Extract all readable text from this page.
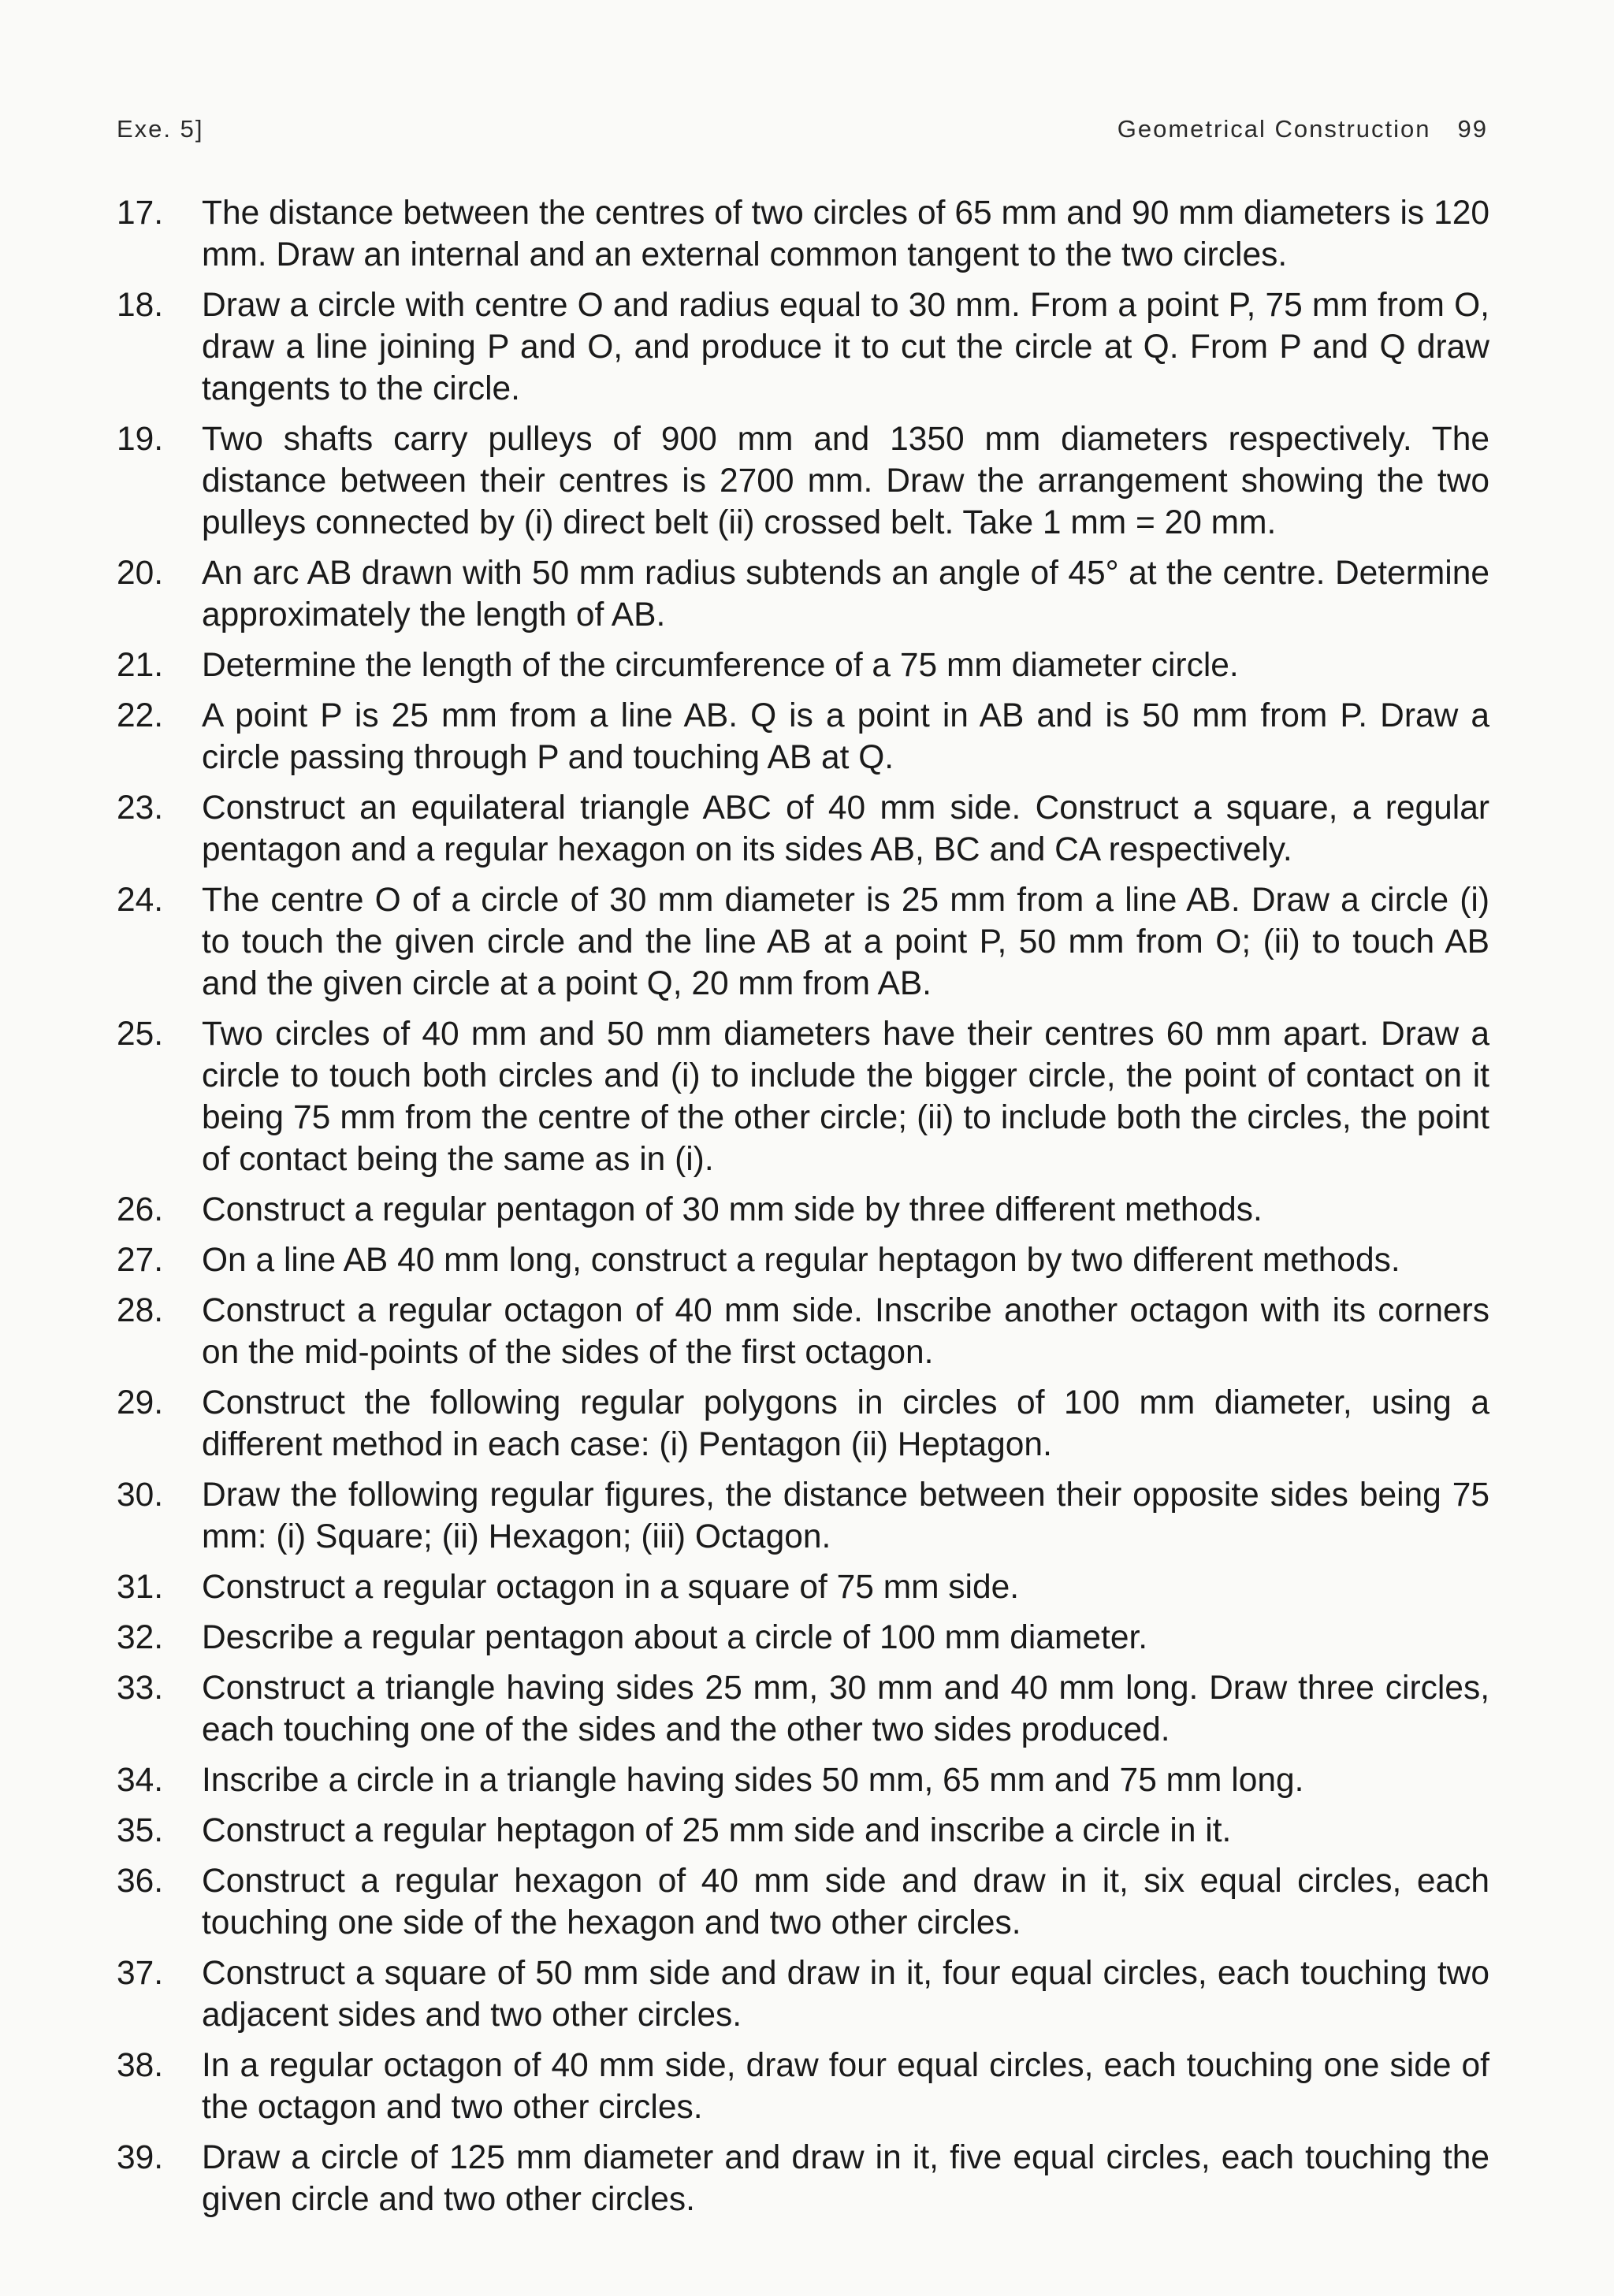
Exe. 5]	Geometrical Construction 99
17.	The distance between the centres of two circles of 65 mm and 90 mm diameters is 120 mm. Draw an internal and an external common tangent to the two circles.
18.	Draw a circle with centre O and radius equal to 30 mm. From a point P, 75 mm from O, draw a line joining P and O, and produce it to cut the circle at Q. From P and Q draw tangents to the circle.
19.	Two shafts carry pulleys of 900 mm and 1350 mm diameters respectively. The distance between their centres is 2700 mm. Draw the arrangement showing the two pulleys connected by (i) direct belt (ii) crossed belt. Take 1 mm = 20 mm.
20.	An arc AB drawn with 50 mm radius subtends an angle of 45° at the centre. Determine approximately the length of AB.
21.	Determine the length of the circumference of a 75 mm diameter circle.
22.	A point P is 25 mm from a line AB. Q is a point in AB and is 50 mm from P. Draw a circle passing through P and touching AB at Q.
23.	Construct an equilateral triangle ABC of 40 mm side. Construct a square, a regular pentagon and a regular hexagon on its sides AB, BC and CA respectively.
24.	The centre O of a circle of 30 mm diameter is 25 mm from a line AB. Draw a circle (i) to touch the given circle and the line AB at a point P, 50 mm from O; (ii) to touch AB and the given circle at a point Q, 20 mm from AB.
25.	Two circles of 40 mm and 50 mm diameters have their centres 60 mm apart. Draw a circle to touch both circles and (i) to include the bigger circle, the point of contact on it being 75 mm from the centre of the other circle; (ii) to include both the circles, the point of contact being the same as in (i).
26.	Construct a regular pentagon of 30 mm side by three different methods.
27.	On a line AB 40 mm long, construct a regular heptagon by two different methods.
28.	Construct a regular octagon of 40 mm side. Inscribe another octagon with its corners on the mid-points of the sides of the first octagon.
29.	Construct the following regular polygons in circles of 100 mm diameter, using a different method in each case: (i) Pentagon (ii) Heptagon.
30.	Draw the following regular figures, the distance between their opposite sides being 75 mm: (i) Square; (ii) Hexagon; (iii) Octagon.
31.	Construct a regular octagon in a square of 75 mm side.
32.	Describe a regular pentagon about a circle of 100 mm diameter.
33.	Construct a triangle having sides 25 mm, 30 mm and 40 mm long. Draw three circles, each touching one of the sides and the other two sides produced.
34.	Inscribe a circle in a triangle having sides 50 mm, 65 mm and 75 mm long.
35.	Construct a regular heptagon of 25 mm side and inscribe a circle in it.
36.	Construct a regular hexagon of 40 mm side and draw in it, six equal circles, each touching one side of the hexagon and two other circles.
37.	Construct a square of 50 mm side and draw in it, four equal circles, each touching two adjacent sides and two other circles.
38.	In a regular octagon of 40 mm side, draw four equal circles, each touching one side of the octagon and two other circles.
39.	Draw a circle of 125 mm diameter and draw in it, five equal circles, each touching the given circle and two other circles.
